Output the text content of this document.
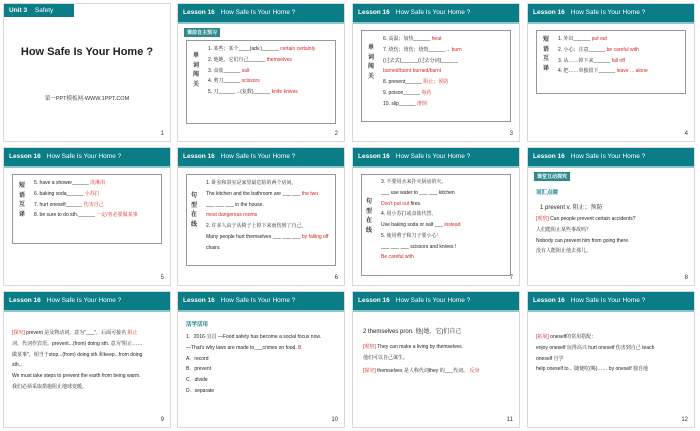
Unit 3 Safety
How Safe Is Your Home ?
第一PPT模板网-WWW.1PPT.COM
1
Lesson 16 How Safe Is Your Home ?
课前自主预习
单
词
闯
关
1. 某些；某个____(adv.)______ certain certainly
2. 他她、它们自己______ themselves
3. 食盐______ salt
4. 剪刀______ scissors
5. 刀______→(复数)______ knife knives
2
Lesson 16 How Safe Is Your Home ?
单
词
闯
关
6. 高温；加热______ heat
7. 烧伤；烫伤；烧毁______→ burn
(过去式)______(过去分词)______
burned/burnt burned/burnt
8. prevent______ 阻止；预防
9. poison______ 毒药
10. slip______ 滑倒
3
Lesson 16 How Safe Is Your Home ?
短
语
互
译
1. 外出______ put out
2. 小心；注意______ be careful with
3. 从……掉下来______ fall off
4. 把……单独留下______ leave ... alone
4
Lesson 16 How Safe Is Your Home ?
短
语
互
译
5. have a shower______ 洗淋浴
6. baking soda______ 小苏打
7. hurt oneself______ 伤害自己
8. be sure to do sth.______ 一定/务必要做某事
5
Lesson 16 How Safe Is Your Home ?
句
型
在
线
1. 卧室和浴室是家里最危险的两个房间。
The kitchen and the bathroom are ___ ___ the two
___ ___ ___ in the house.
most dangerous rooms
2. 许多人由于从椅子上掉下来而伤到了自己。
Many people hurt themselves ___ ___ ___ by falling off
chairs.
6
Lesson 16 How Safe Is Your Home ?
句
型
在
线
3. 不要用水来扑灭厨房的火。
___ use water to ___ ___ kitchen
Don't put out fires.
4. 用小苏打或食盐代替。
Use baking soda or salt ___ instead
5. 使用剪子和刀子要小心！
___ ___ ___ scissors and knives !
Be careful with
7
Lesson 16 How Safe Is Your Home ?
课堂互动探究
词汇点睛
1 prevent v. 阻止；预防
[观察] Can people prevent certain accidents?
人们能阻止某些事故吗？
Nobody can prevent him from going there.
没有人能阻止他去那儿。
8
Lesson 16 How Safe Is Your Home ?
[探究] prevent 是及物动词，意为"___"，后面可接名 阻止
词、代词作宾语。prevent...(from) doing sth. 意为"阻止……
做某事"，相当于stop...(from) doing sth.和keep...from doing
sth.。
We must take steps to prevent the earth from being warm.
我们必须采取措施阻止地球变暖。
9
Lesson 16 How Safe Is Your Home ?
活学活用
1．2016·宜昌 —Food safety has become a social focus now.
—That's why laws are made to___crimes on food. B
A．record
B．prevent
C．divide
D．separate
10
Lesson 16 How Safe Is Your Home ?
2 themselves pron. 他(她、它)们自己
[观察] They can make a living by themselves.
他们可以自己谋生。
[探究] themselves 是人称代词they 的___代词。 反身
11
Lesson 16 How Safe Is Your Home ?
[拓展] oneself的常用搭配：
enjoy oneself 玩得高兴 hurt oneself 伤害到自己 teach
oneself 自学
help oneself to... 随便吃(喝)…… by oneself 独自地
12
